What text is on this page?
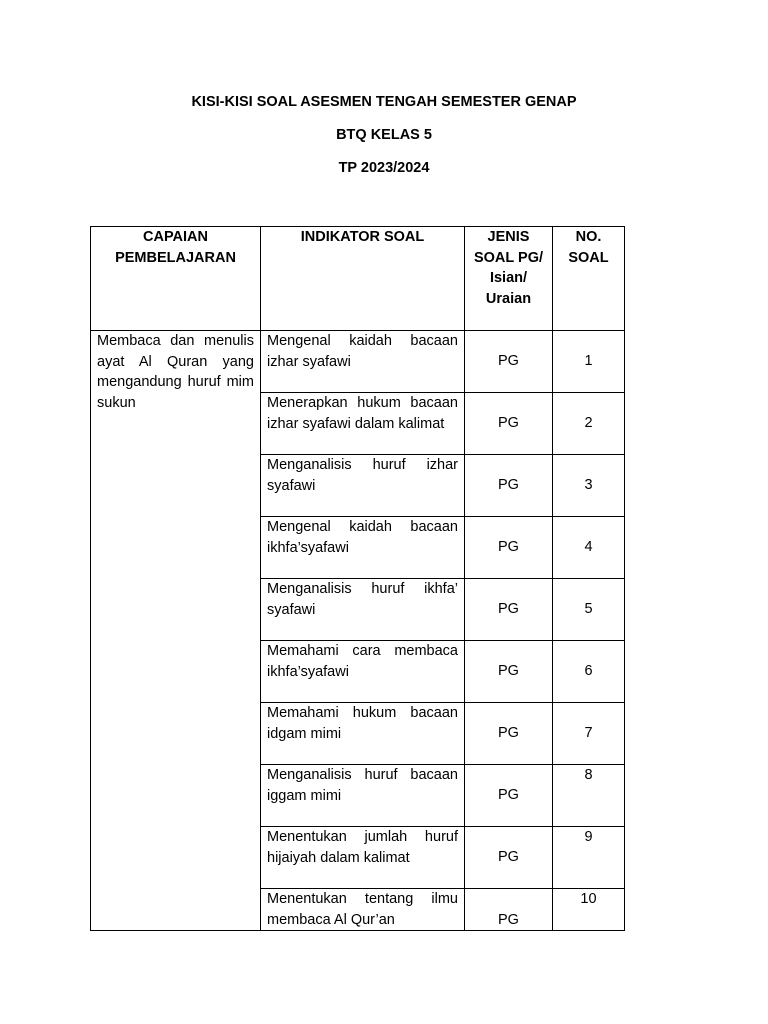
KISI-KISI SOAL ASESMEN TENGAH SEMESTER GENAP
BTQ KELAS 5
TP 2023/2024
CAPAIAN PEMBELAJARAN	INDIKATOR SOAL	JENIS SOAL PG/ Isian/ Uraian	NO. SOAL
Membaca dan menulis ayat Al Quran yang mengandung huruf mim sukun	Mengenal kaidah bacaan izhar syafawi	PG	1
	Menerapkan hukum bacaan izhar syafawi dalam kalimat	PG	2
	Menganalisis huruf izhar syafawi	PG	3
	Mengenal kaidah bacaan ikhfa’syafawi	PG	4
	Menganalisis huruf ikhfa’ syafawi	PG	5
	Memahami cara membaca ikhfa’syafawi	PG	6
	Memahami hukum bacaan idgam mimi	PG	7
	Menganalisis huruf bacaan iggam mimi	PG	8
	Menentukan jumlah huruf hijaiyah dalam kalimat	PG	9
	Menentukan tentang ilmu membaca Al Qur’an	PG	10
